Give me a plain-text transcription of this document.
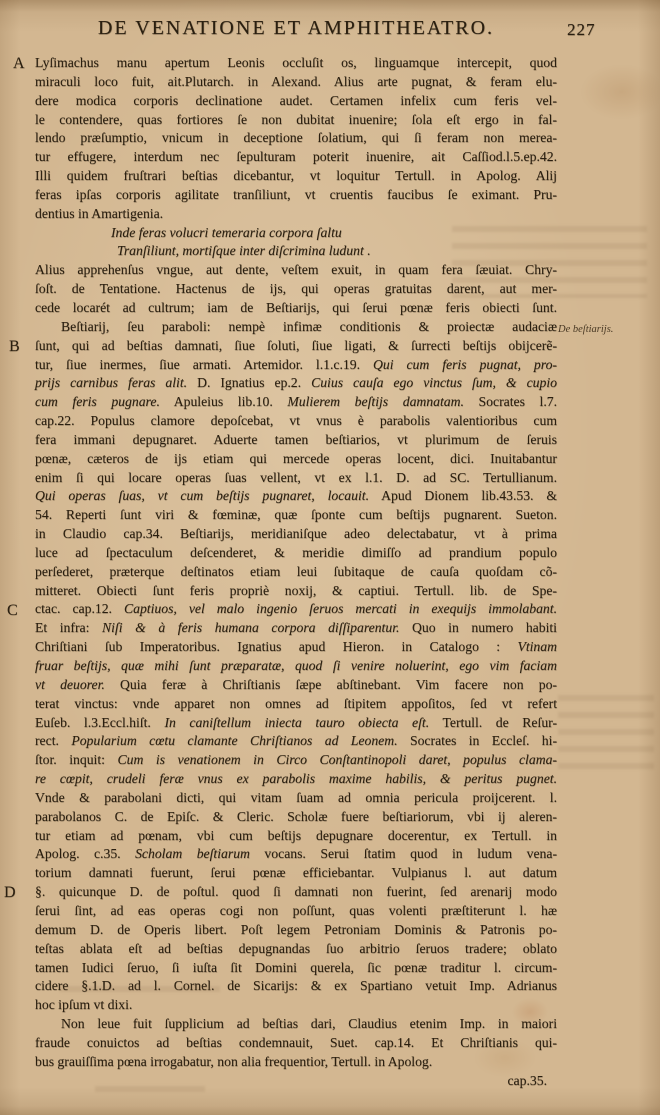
DE VENATIONE ET AMPHITHEATRO.	227
A
B
C
D
De beſtiarijs.
Lyſimachus manu apertum Leonis occluſit os, linguamque intercepit, quod
miraculi loco fuit, ait.Plutarch. in Alexand. Alius arte pugnat, & feram elu-
dere modica corporis declinatione audet. Certamen infelix cum feris vel-
le contendere, quas fortiores ſe non dubitat inuenire; ſola eſt ergo in fal-
lendo præſumptio, vnicum in deceptione ſolatium, qui ſi feram non merea-
tur effugere, interdum nec ſepulturam poterit inuenire, ait Caſſiod.l.5.ep.42.
Illi quidem fruſtrari beſtias dicebantur, vt loquitur Tertull. in Apolog. Alij
feras ipſas corporis agilitate tranſiliunt, vt cruentis faucibus ſe eximant. Pru-
dentius in Amartigenia.
Inde feras volucri temeraria corpora ſaltu
Tranſiliunt, mortiſque inter diſcrimina ludunt .
Alius apprehenſus vngue, aut dente, veſtem exuit, in quam fera ſæuiat. Chry-
ſoſt. de Tentatione. Hactenus de ijs, qui operas gratuitas darent, aut mer-
cede locarét ad cultrum; iam de Beſtiarijs, qui ſerui pœnæ feris obiecti ſunt.
Beſtiarij, ſeu paraboli: nempè infimæ conditionis & proiectæ audaciæ
ſunt, qui ad beſtias damnati, ſiue ſoluti, ſiue ligati, & ſurrecti beſtijs obijcerẽ-
tur, ſiue inermes, ſiue armati. Artemidor. l.1.c.19. Qui cum feris pugnat, pro-
prijs carnibus feras alit. D. Ignatius ep.2. Cuius cauſa ego vinctus ſum, & cupio
cum feris pugnare. Apuleius lib.10. Mulierem beſtijs damnatam. Socrates l.7.
cap.22. Populus clamore depoſcebat, vt vnus è parabolis valentioribus cum
fera immani depugnaret. Aduerte tamen beſtiarios, vt plurimum de ſeruis
pœnæ, cæteros de ijs etiam qui mercede operas locent, dici. Inuitabantur
enim ſi qui locare operas ſuas vellent, vt ex l.1. D. ad SC. Tertullianum.
Qui operas ſuas, vt cum beſtijs pugnaret, locauit. Apud Dionem lib.43.53. &
54. Reperti ſunt viri & fœminæ, quæ ſponte cum beſtijs pugnarent. Sueton.
in Claudio cap.34. Beſtiarijs, meridianiſque adeo delectabatur, vt à prima
luce ad ſpectaculum deſcenderet, & meridie dimiſſo ad prandium populo
perſederet, præterque deſtinatos etiam leui ſubitaque de cauſa quoſdam cõ-
mitteret. Obiecti ſunt feris propriè noxij, & captiui. Tertull. lib. de Spe-
ctac. cap.12. Captiuos, vel malo ingenio ſeruos mercati in exequijs immolabant.
Et infra: Niſi & à feris humana corpora diſſiparentur. Quo in numero habiti
Chriſtiani ſub Imperatoribus. Ignatius apud Hieron. in Catalogo : Vtinam
fruar beſtijs, quæ mihi ſunt præparatæ, quod ſi venire noluerint, ego vim faciam
vt deuorer. Quia feræ à Chriſtianis ſæpe abſtinebant. Vim facere non po-
terat vinctus: vnde apparet non omnes ad ſtipitem appoſitos, ſed vt refert
Euſeb. l.3.Eccl.hiſt. In caniſtellum iniecta tauro obiecta eſt. Tertull. de Reſur-
rect. Popularium cœtu clamante Chriſtianos ad Leonem. Socrates in Eccleſ. hi-
ſtor. inquit: Cum is venationem in Circo Conſtantinopoli daret, populus clama-
re cœpit, crudeli feræ vnus ex parabolis maxime habilis, & peritus pugnet.
Vnde & parabolani dicti, qui vitam ſuam ad omnia pericula proijcerent. l.
parabolanos C. de Epiſc. & Cleric. Scholæ fuere beſtiariorum, vbi ij aleren-
tur etiam ad pœnam, vbi cum beſtijs depugnare docerentur, ex Tertull. in
Apolog. c.35. Scholam beſtiarum vocans. Serui ſtatim quod in ludum vena-
torium damnati fuerunt, ſerui pœnæ efficiebantar. Vulpianus l. aut datum
§. quicunque D. de poſtul. quod ſi damnati non fuerint, ſed arenarij modo
ſerui ſint, ad eas operas cogi non poſſunt, quas volenti præſtiterunt l. hæ
demum D. de Operis libert. Poſt legem Petroniam Dominis & Patronis po-
teſtas ablata eſt ad beſtias depugnandas ſuo arbitrio ſeruos tradere; oblato
tamen Iudici ſeruo, ſi iuſta ſit Domini querela, ſic pœnæ traditur l. circum-
cidere §.1.D. ad l. Cornel. de Sicarijs: & ex Spartiano vetuit Imp. Adrianus
hoc ipſum vt dixi.
Non leue fuit ſupplicium ad beſtias dari, Claudius etenim Imp. in maiori
fraude conuictos ad beſtias condemnauit, Suet. cap.14. Et Chriſtianis qui-
bus grauiſſima pœna irrogabatur, non alia frequentior, Tertull. in Apolog.
cap.35.
